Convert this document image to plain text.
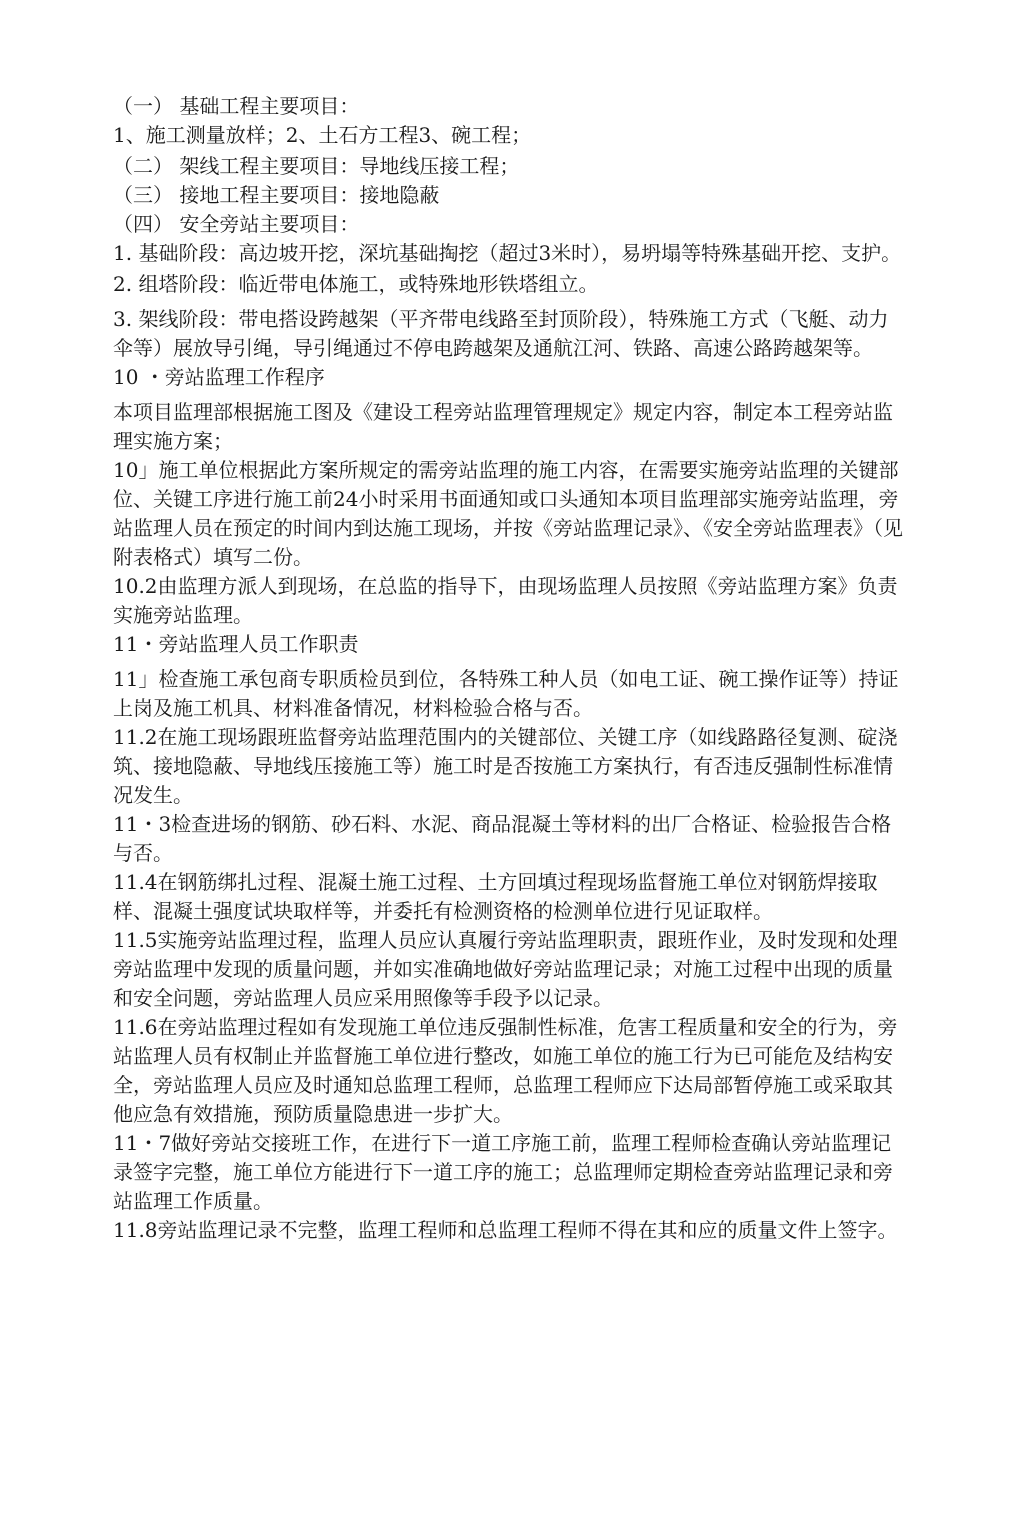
（一） 基础工程主要项目：

1、施工测量放样；2、土石方工程3、碗工程；

（二） 架线工程主要项目：导地线压接工程；

（三） 接地工程主要项目：接地隐蔽

（四） 安全旁站主要项目：

1. 基础阶段：高边坡开挖，深坑基础掏挖（超过3米时），易坍塌等特殊基础开挖、支护。

2. 组塔阶段：临近带电体施工，或特殊地形铁塔组立。

3. 架线阶段：带电搭设跨越架（平齐带电线路至封顶阶段），特殊施工方式（飞艇、动力伞等）展放导引绳，导引绳通过不停电跨越架及通航江河、铁路、高速公路跨越架等。

10 ・旁站监理工作程序

本项目监理部根据施工图及《建设工程旁站监理管理规定》规定内容，制定本工程旁站监理实施方案；

10」施工单位根据此方案所规定的需旁站监理的施工内容，在需要实施旁站监理的关键部位、关键工序进行施工前24小时采用书面通知或口头通知本项目监理部实施旁站监理，旁站监理人员在预定的时间内到达施工现场，并按《旁站监理记录》、《安全旁站监理表》（见附表格式）填写二份。

10.2由监理方派人到现场，在总监的指导下，由现场监理人员按照《旁站监理方案》负责实施旁站监理。

11・旁站监理人员工作职责

11」检查施工承包商专职质检员到位，各特殊工种人员（如电工证、碗工操作证等）持证上岗及施工机具、材料准备情况，材料检验合格与否。

11.2在施工现场跟班监督旁站监理范围内的关键部位、关键工序（如线路路径复测、碇浇筑、接地隐蔽、导地线压接施工等）施工时是否按施工方案执行，有否违反强制性标准情况发生。

11・3检查进场的钢筋、砂石料、水泥、商品混凝土等材料的出厂合格证、检验报告合格与否。

11.4在钢筋绑扎过程、混凝土施工过程、土方回填过程现场监督施工单位对钢筋焊接取样、混凝土强度试块取样等，并委托有检测资格的检测单位进行见证取样。

11.5实施旁站监理过程，监理人员应认真履行旁站监理职责，跟班作业，及时发现和处理旁站监理中发现的质量问题，并如实准确地做好旁站监理记录；对施工过程中出现的质量和安全问题，旁站监理人员应采用照像等手段予以记录。

11.6在旁站监理过程如有发现施工单位违反强制性标准，危害工程质量和安全的行为，旁站监理人员有权制止并监督施工单位进行整改，如施工单位的施工行为已可能危及结构安全，旁站监理人员应及时通知总监理工程师，总监理工程师应下达局部暂停施工或采取其他应急有效措施，预防质量隐患进一步扩大。

11・7做好旁站交接班工作，在进行下一道工序施工前，监理工程师检查确认旁站监理记录签字完整，施工单位方能进行下一道工序的施工；总监理师定期检查旁站监理记录和旁站监理工作质量。

11.8旁站监理记录不完整，监理工程师和总监理工程师不得在其和应的质量文件上签字。
